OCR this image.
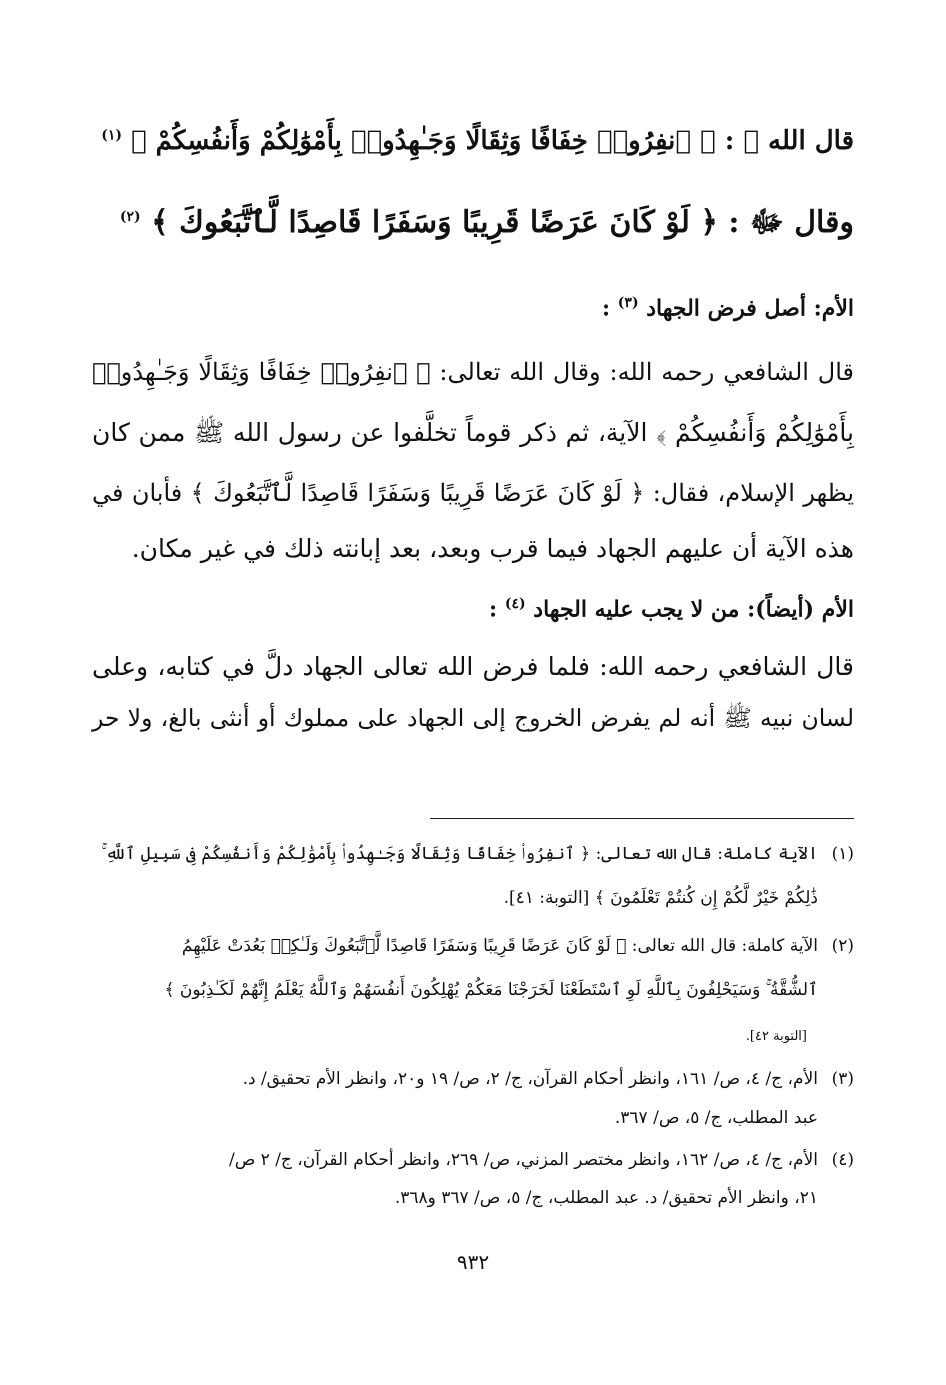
قال الله ﷻ : ﴿ ٱنفِرُوا۟ خِفَافًا وَثِقَالًا وَجَـٰهِدُوا۟ بِأَمْوَٰلِكُمْ وَأَنفُسِكُمْ ﴾ $^{(١)}$
وقال ﷻ : ﴿ لَوْ كَانَ عَرَضًا قَرِيبًا وَسَفَرًا قَاصِدًا لَّٱتَّبَعُوكَ ﴾ $^{(٢)}$
الأم: أصل فرض الجهاد $^{(٣)}$ :
قال الشافعي رحمه الله: وقال الله تعالى: ﴿ ٱنفِرُوا۟ خِفَافًا وَثِقَالًا وَجَـٰهِدُوا۟
بِأَمْوَٰلِكُمْ وَأَنفُسِكُمْ ﴾ الآية، ثم ذكر قوماً تخلَّفوا عن رسول الله ﷺ ممن كان
يظهر الإسلام، فقال: ﴿ لَوْ كَانَ عَرَضًا قَرِيبًا وَسَفَرًا قَاصِدًا لَّٱتَّبَعُوكَ ﴾ فأبان في
هذه الآية أن عليهم الجهاد فيما قرب وبعد، بعد إبانته ذلك في غير مكان.
الأم (أيضاً): من لا يجب عليه الجهاد $^{(٤)}$ :
قال الشافعي رحمه الله: فلما فرض الله تعالى الجهاد دلَّ في كتابه، وعلى
لسان نبيه ﷺ أنه لم يفرض الخروج إلى الجهاد على مملوك أو أنثى بالغ، ولا حر
(١)الآية كاملة: قال الله تعالى: ﴿ ٱنفِرُوا۟ خِفَافًا وَثِقَالًا وَجَـٰهِدُوا۟ بِأَمْوَٰلِكُمْ وَأَنفُسِكُمْ فِى سَبِيلِ ٱللَّهِ ۚ
ذَٰلِكُمْ خَيْرٌ لَّكُمْ إِن كُنتُمْ تَعْلَمُونَ ﴾ [التوبة: ٤١].
(٢)الآية كاملة: قال الله تعالى: ﴿ لَوْ كَانَ عَرَضًا قَرِيبًا وَسَفَرًا قَاصِدًا لَّٱتَّبَعُوكَ وَلَـٰكِنۢ بَعُدَتْ عَلَيْهِمُ
ٱلشُّقَّةُ ۚ وَسَيَحْلِفُونَ بِٱللَّهِ لَوِ ٱسْتَطَعْنَا لَخَرَجْنَا مَعَكُمْ يُهْلِكُونَ أَنفُسَهُمْ وَٱللَّهُ يَعْلَمُ إِنَّهُمْ لَكَـٰذِبُونَ ﴾
[التوبة ٤٢].
(٣)الأم، ج/ ٤، ص/ ١٦١، وانظر أحكام القرآن، ج/ ٢، ص/ ١٩ و٢٠، وانظر الأم تحقيق/ د.
عبد المطلب، ج/ ٥، ص/ ٣٦٧.
(٤)الأم، ج/ ٤، ص/ ١٦٢، وانظر مختصر المزني، ص/ ٢٦٩، وانظر أحكام القرآن، ج/ ٢ ص/
٢١، وانظر الأم تحقيق/ د. عبد المطلب، ج/ ٥، ص/ ٣٦٧ و٣٦٨.
٩٣٢
